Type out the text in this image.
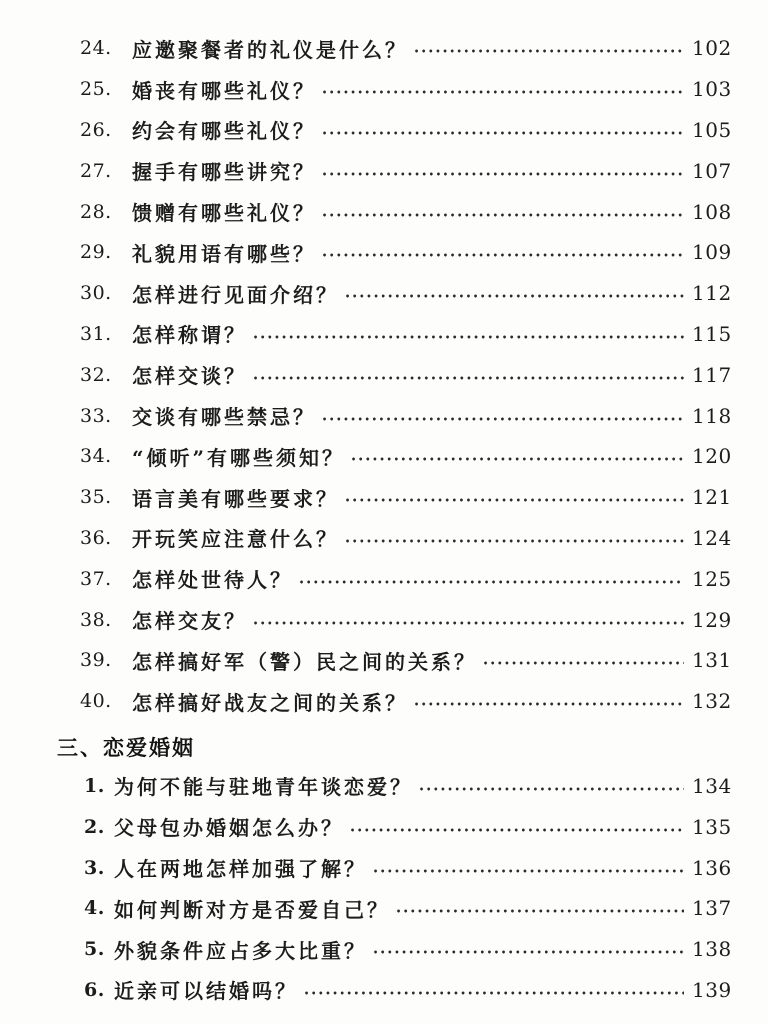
24.	应邀聚餐者的礼仪是什么？ •••••	102
25.	婚丧有哪些礼仪？ •••••	103
26.	约会有哪些礼仪？ •••••	105
27.	握手有哪些讲究？ •••••	107
28.	馈赠有哪些礼仪？ •••••	108
29.	礼貌用语有哪些？ •••••	109
30.	怎样进行见面介绍？ •••••	112
31.	怎样称谓？ •••••	115
32.	怎样交谈？ •••••	117
33.	交谈有哪些禁忌？ •••••	118
34.	“倾听”有哪些须知？ •••••	120
35.	语言美有哪些要求？ •••••	121
36.	开玩笑应注意什么？ •••••	124
37.	怎样处世待人？ •••••	125
38.	怎样交友？ •••••	129
39.	怎样搞好军（警）民之间的关系？ •••••	131
40.	怎样搞好战友之间的关系？ •••••	132
三、恋爱婚姻
1. 为何不能与驻地青年谈恋爱？ •••••	134
2. 父母包办婚姻怎么办？ •••••	135
3. 人在两地怎样加强了解？ •••••	136
4. 如何判断对方是否爱自己？ •••••	137
5. 外貌条件应占多大比重？ •••••	138
6. 近亲可以结婚吗？ •••••	139
